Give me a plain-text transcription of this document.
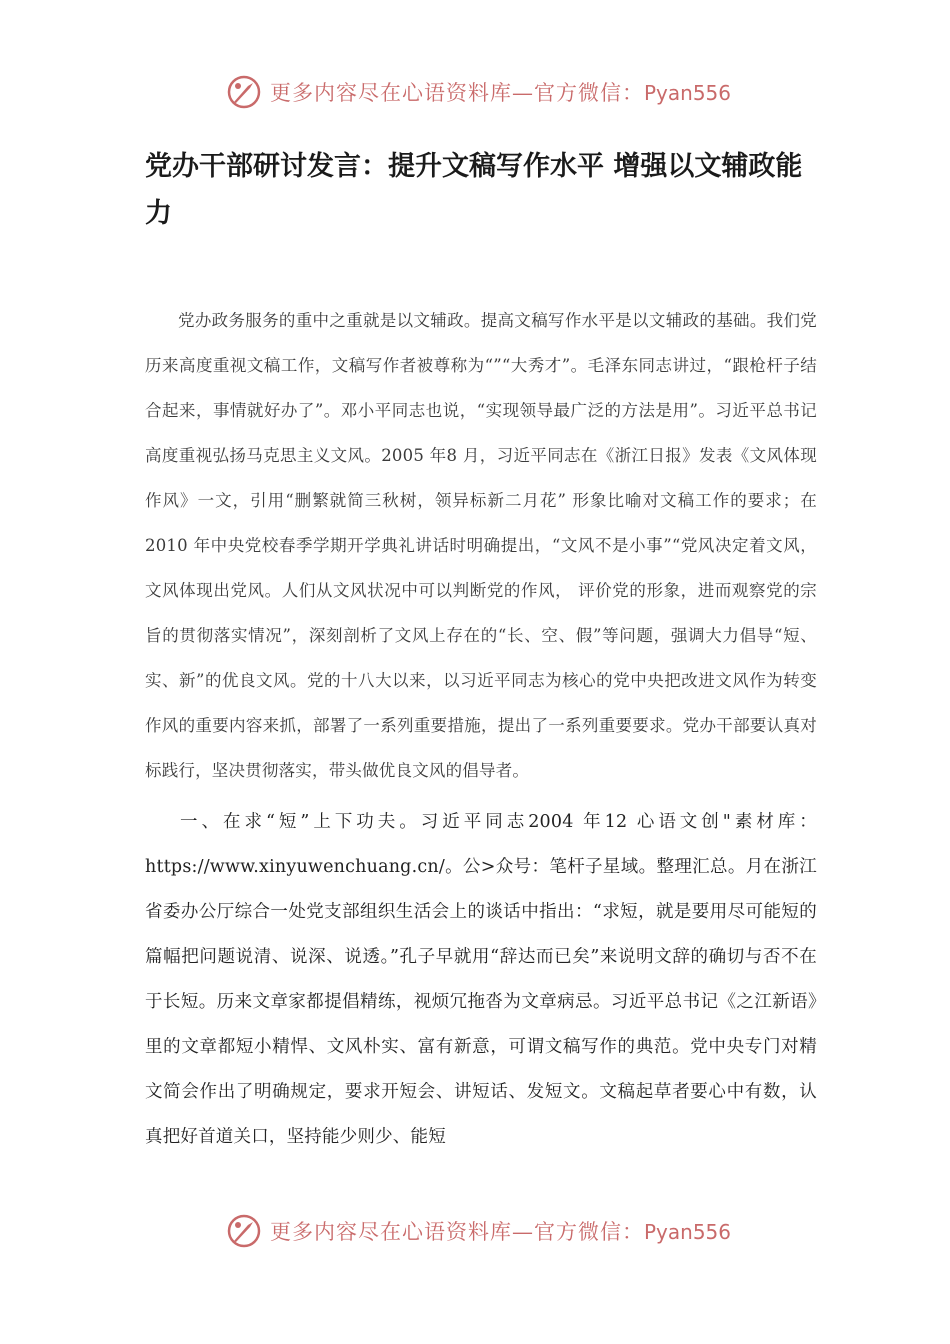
更多内容尽在心语资料库—官方微信：Pyan556
党办干部研讨发言：提升文稿写作水平 增强以文辅政能力

党办政务服务的重中之重就是以文辅政。提高文稿写作水平是以文辅政的基础。我们党历来高度重视文稿工作，文稿写作者被尊称为“”“大秀才”。毛泽东同志讲过，“跟枪杆子结合起来，事情就好办了”。邓小平同志也说，“实现领导最广泛的方法是用”。习近平总书记高度重视弘扬马克思主义文风。2005 年8 月，习近平同志在《浙江日报》发表《文风体现作风》一文，引用“删繁就简三秋树，领异标新二月花” 形象比喻对文稿工作的要求；在2010 年中央党校春季学期开学典礼讲话时明确提出，“文风不是小事”“党风决定着文风，文风体现出党风。人们从文风状况中可以判断党的作风， 评价党的形象，进而观察党的宗旨的贯彻落实情况”，深刻剖析了文风上存在的“长、空、假”等问题，强调大力倡导“短、实、新”的优良文风。党的十八大以来，以习近平同志为核心的党中央把改进文风作为转变作风的重要内容来抓，部署了一系列重要措施，提出了一系列重要要求。党办干部要认真对标践行，坚决贯彻落实，带头做优良文风的倡导者。

一、在求“短”上下功夫。习近平同志2004 年12 心语文创"素材库：https://www.xinyuwenchuang.cn/。公>众号：笔杆子星域。整理汇总。月在浙江省委办公厅综合一处党支部组织生活会上的谈话中指出：“求短，就是要用尽可能短的篇幅把问题说清、说深、说透。”孔子早就用“辞达而已矣”来说明文辞的确切与否不在于长短。历来文章家都提倡精练，视烦冗拖沓为文章病忌。习近平总书记《之江新语》里的文章都短小精悍、文风朴实、富有新意，可谓文稿写作的典范。党中央专门对精文简会作出了明确规定，要求开短会、讲短话、发短文。文稿起草者要心中有数，认真把好首道关口，坚持能少则少、能短

更多内容尽在心语资料库—官方微信：Pyan556
